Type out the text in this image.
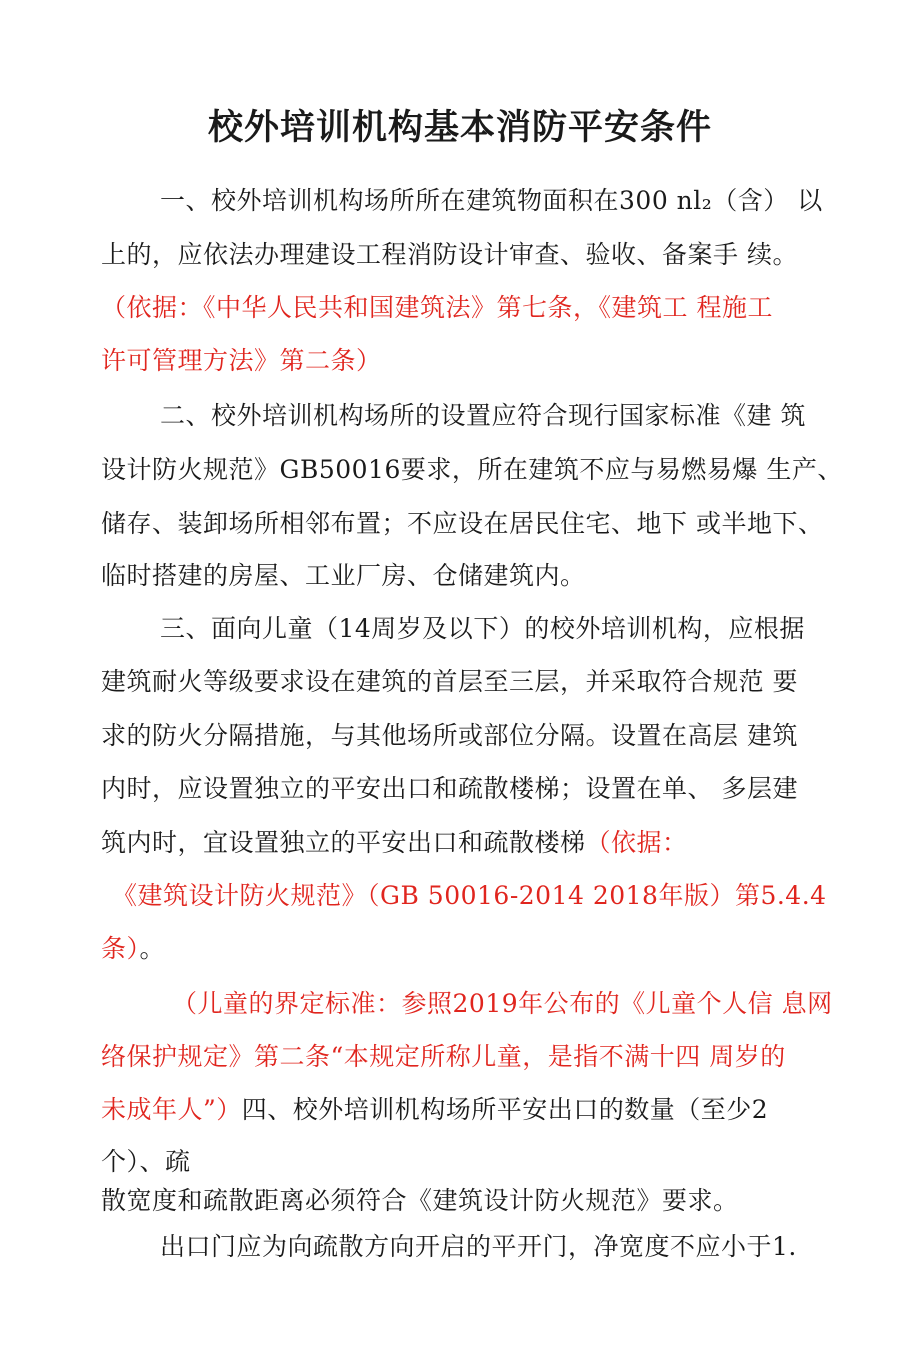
校外培训机构基本消防平安条件
一、校外培训机构场所所在建筑物面积在300 nl₂（含） 以
上的，应依法办理建设工程消防设计审查、验收、备案手 续。
（依据：《中华人民共和国建筑法》第七条，《建筑工 程施工
许可管理方法》第二条）
二、校外培训机构场所的设置应符合现行国家标准《建 筑
设计防火规范》GB50016要求，所在建筑不应与易燃易爆 生产、
储存、装卸场所相邻布置；不应设在居民住宅、地下 或半地下、
临时搭建的房屋、工业厂房、仓储建筑内。
三、面向儿童（14周岁及以下）的校外培训机构，应根据
建筑耐火等级要求设在建筑的首层至三层，并采取符合规范 要
求的防火分隔措施，与其他场所或部位分隔。设置在高层 建筑
内时，应设置独立的平安出口和疏散楼梯；设置在单、 多层建
筑内时，宜设置独立的平安出口和疏散楼梯（依据：
《建筑设计防火规范》（GB 50016-2014 2018年版）第5.4.4
条）。
（儿童的界定标准：参照2019年公布的《儿童个人信 息网
络保护规定》第二条“本规定所称儿童，是指不满十四 周岁的
未成年人”）四、校外培训机构场所平安出口的数量（至少2
个）、疏
散宽度和疏散距离必须符合《建筑设计防火规范》要求。
出口门应为向疏散方向开启的平开门，净宽度不应小于1.
